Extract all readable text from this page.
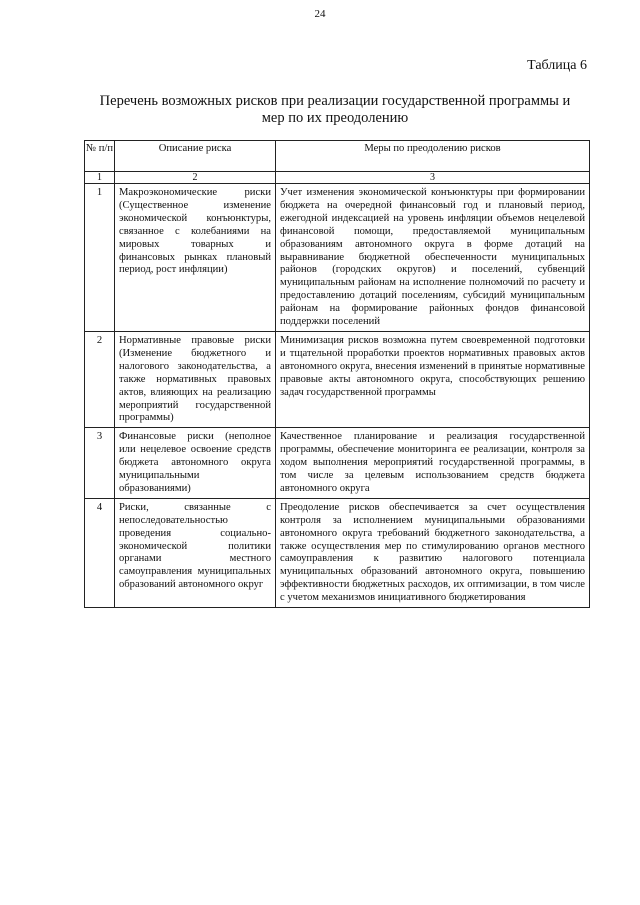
24
Таблица 6
Перечень возможных рисков при реализации государственной программы и
мер по их преодолению
№ п/п	Описание риска	Меры по преодолению рисков
1	2	3
1	Макроэкономические риски (Существенное изменение экономической конъюнктуры, связанное с колебаниями на мировых товарных и финансовых рынках плановый период, рост инфляции)	Учет изменения экономической конъюнктуры при формировании бюджета на очередной финансовый год и плановый период, ежегодной индексацией на уровень инфляции объемов нецелевой финансовой помощи, предоставляемой муниципальным образованиям автономного округа в форме дотаций на выравнивание бюджетной обеспеченности муниципальных районов (городских округов) и поселений, субвенций муниципальным районам на исполнение полномочий по расчету и предоставлению дотаций поселениям, субсидий муниципальным районам на формирование районных фондов финансовой поддержки поселений
2	Нормативные правовые риски (Изменение бюджетного и налогового законодательства, а также нормативных правовых актов, влияющих на реализацию мероприятий государственной программы)	Минимизация рисков возможна путем своевременной подготовки и тщательной проработки проектов нормативных правовых актов автономного округа, внесения изменений в принятые нормативные правовые акты автономного округа, способствующих решению задач государственной программы
3	Финансовые риски (неполное или нецелевое освоение средств бюджета автономного округа муниципальными образованиями)	Качественное планирование и реализация государственной программы, обеспечение мониторинга ее реализации, контроля за ходом выполнения мероприятий государственной программы, в том числе за целевым использованием средств бюджета автономного округа
4	Риски, связанные с непоследовательностью проведения социально-экономической политики органами местного самоуправления муниципальных образований автономного округ	Преодоление рисков обеспечивается за счет осуществления контроля за исполнением муниципальными образованиями автономного округа требований бюджетного законодательства, а также осуществления мер по стимулированию органов местного самоуправления к развитию налогового потенциала муниципальных образований автономного округа, повышению эффективности бюджетных расходов, их оптимизации, в том числе с учетом механизмов инициативного бюджетирования
